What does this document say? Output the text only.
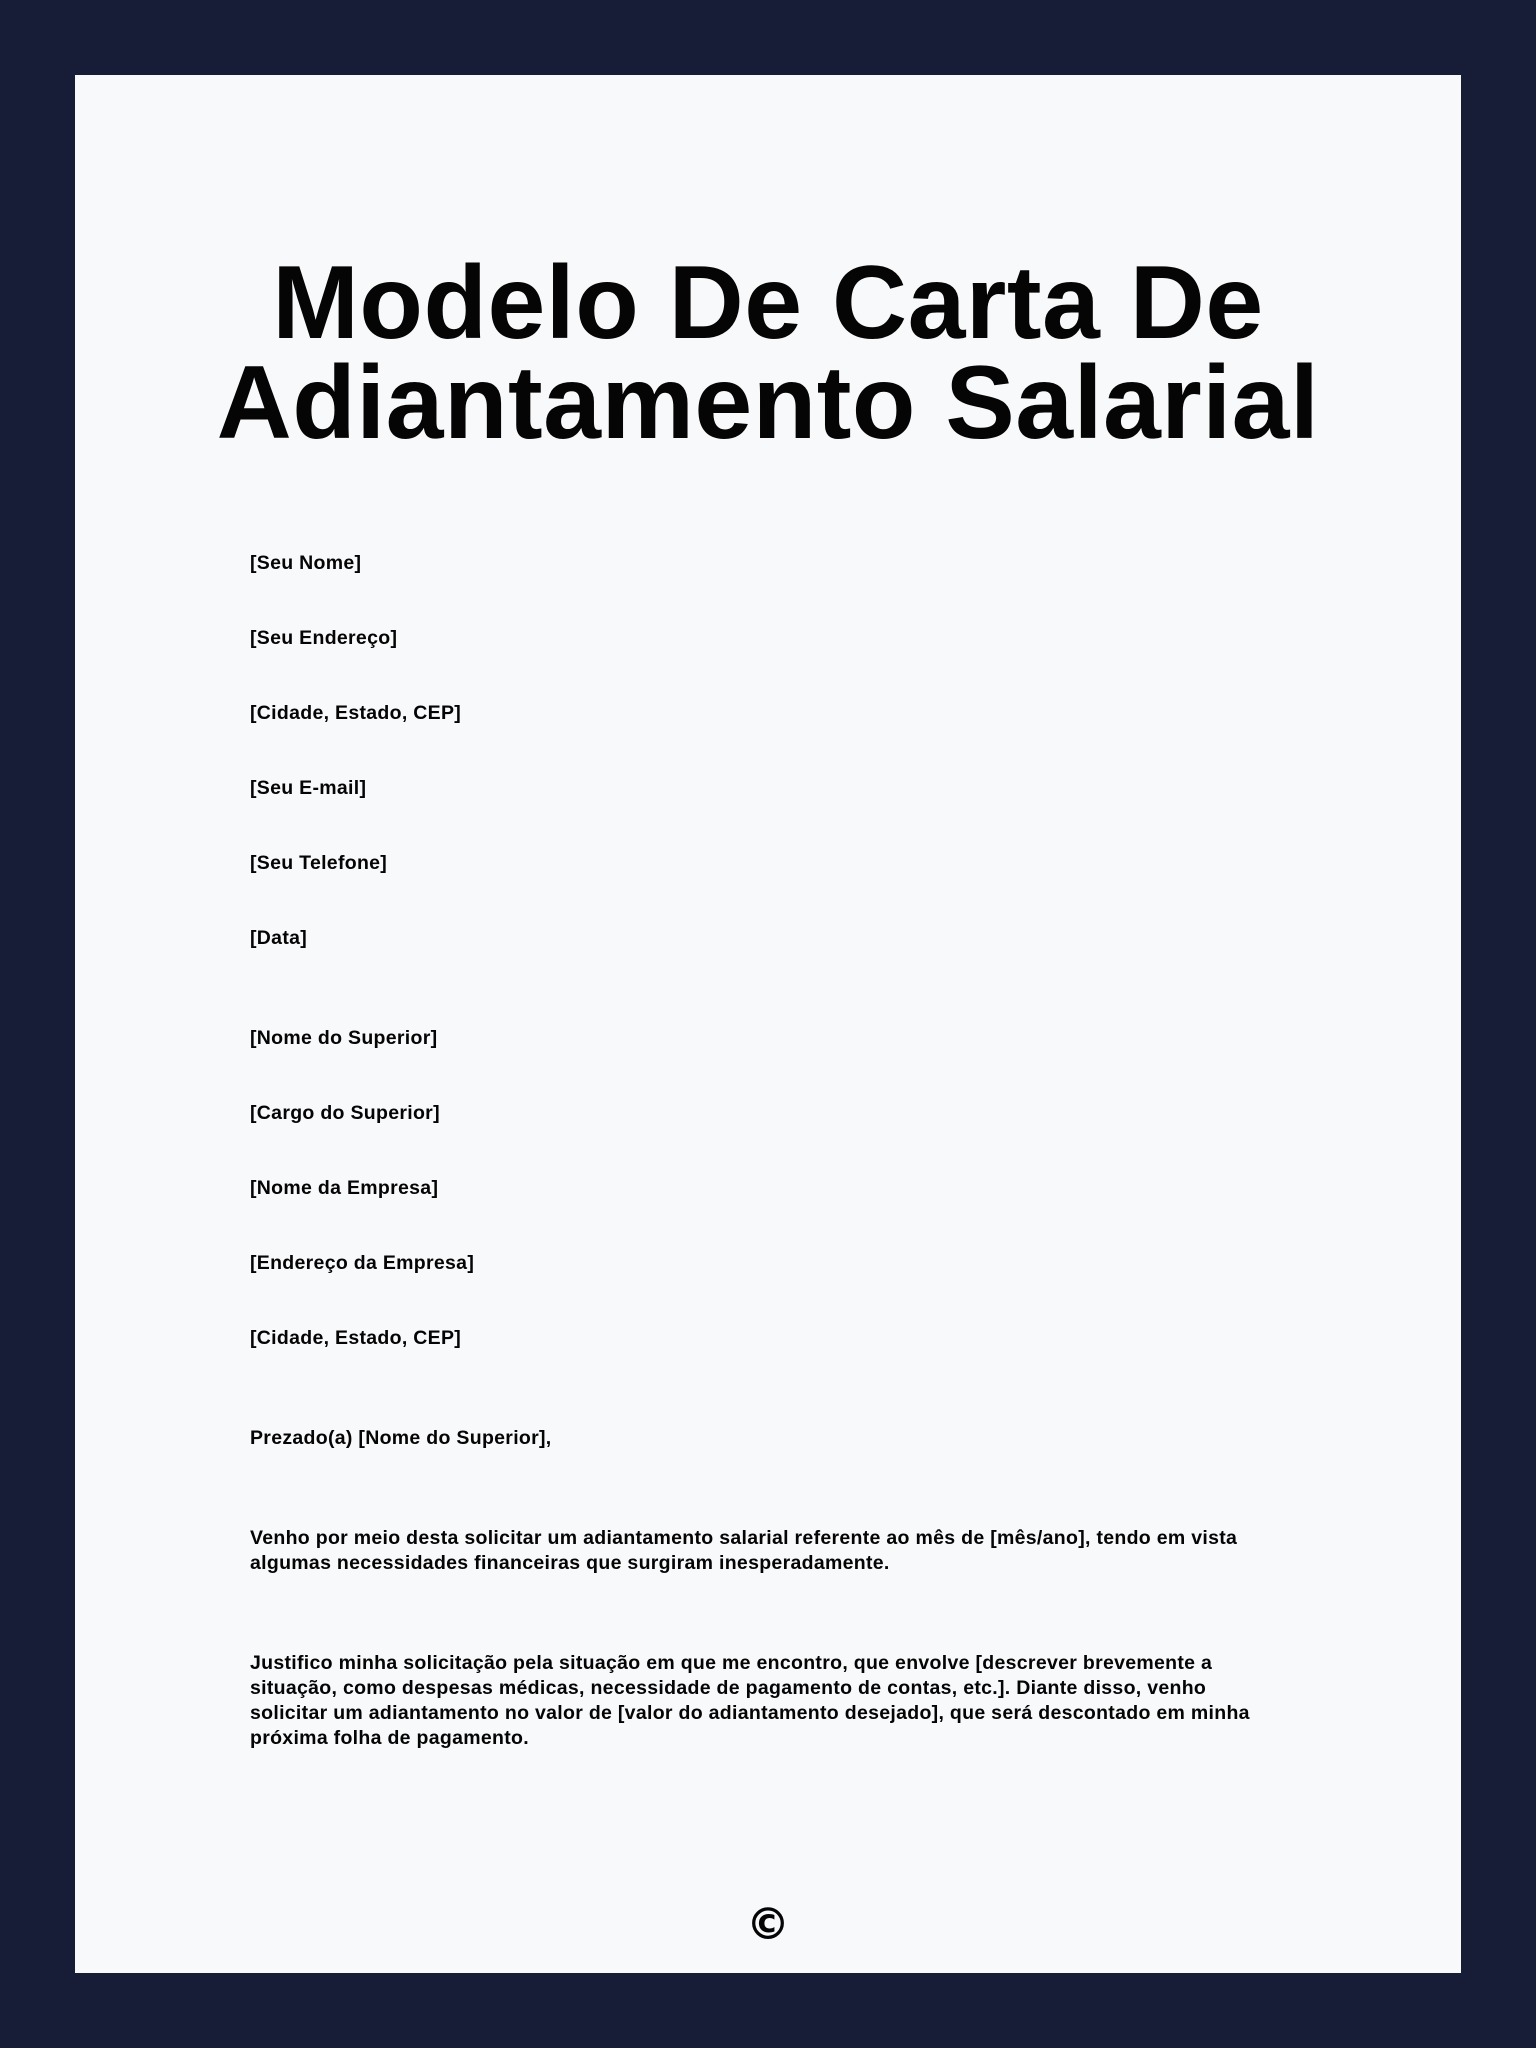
Modelo De Carta De
Adiantamento Salarial

[Seu Nome]

[Seu Endereço]

[Cidade, Estado, CEP]

[Seu E-mail]

[Seu Telefone]

[Data]

[Nome do Superior]

[Cargo do Superior]

[Nome da Empresa]

[Endereço da Empresa]

[Cidade, Estado, CEP]

Prezado(a) [Nome do Superior],

Venho por meio desta solicitar um adiantamento salarial referente ao mês de [mês/ano], tendo em vista
algumas necessidades financeiras que surgiram inesperadamente.
Justifico minha solicitação pela situação em que me encontro, que envolve [descrever brevemente a
situação, como despesas médicas, necessidade de pagamento de contas, etc.]. Diante disso, venho
solicitar um adiantamento no valor de [valor do adiantamento desejado], que será descontado em minha
próxima folha de pagamento.
©
